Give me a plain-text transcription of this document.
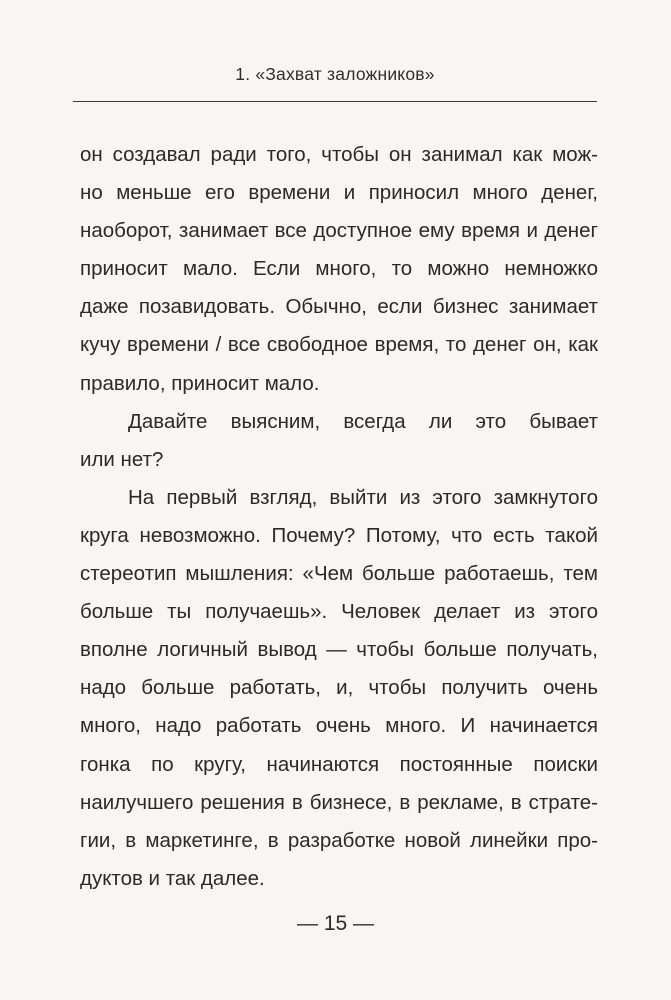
1. «Захват заложников»

он создавал ради того, чтобы он занимал как мож-
но меньше его времени и приносил много денег,
наоборот, занимает все доступное ему время и денег
приносит мало. Если много, то можно немножко
даже позавидовать. Обычно, если бизнес занимает
кучу времени / все свободное время, то денег он, как
правило, приносит мало.

Давайте выясним, всегда ли это бывает
или нет?

На первый взгляд, выйти из этого замкнутого
круга невозможно. Почему? Потому, что есть такой
стереотип мышления: «Чем больше работаешь, тем
больше ты получаешь». Человек делает из этого
вполне логичный вывод — чтобы больше получать,
надо больше работать, и, чтобы получить очень
много, надо работать очень много. И начинается
гонка по кругу, начинаются постоянные поиски
наилучшего решения в бизнесе, в рекламе, в страте-
гии, в маркетинге, в разработке новой линейки про-
дуктов и так далее.

— 15 —
